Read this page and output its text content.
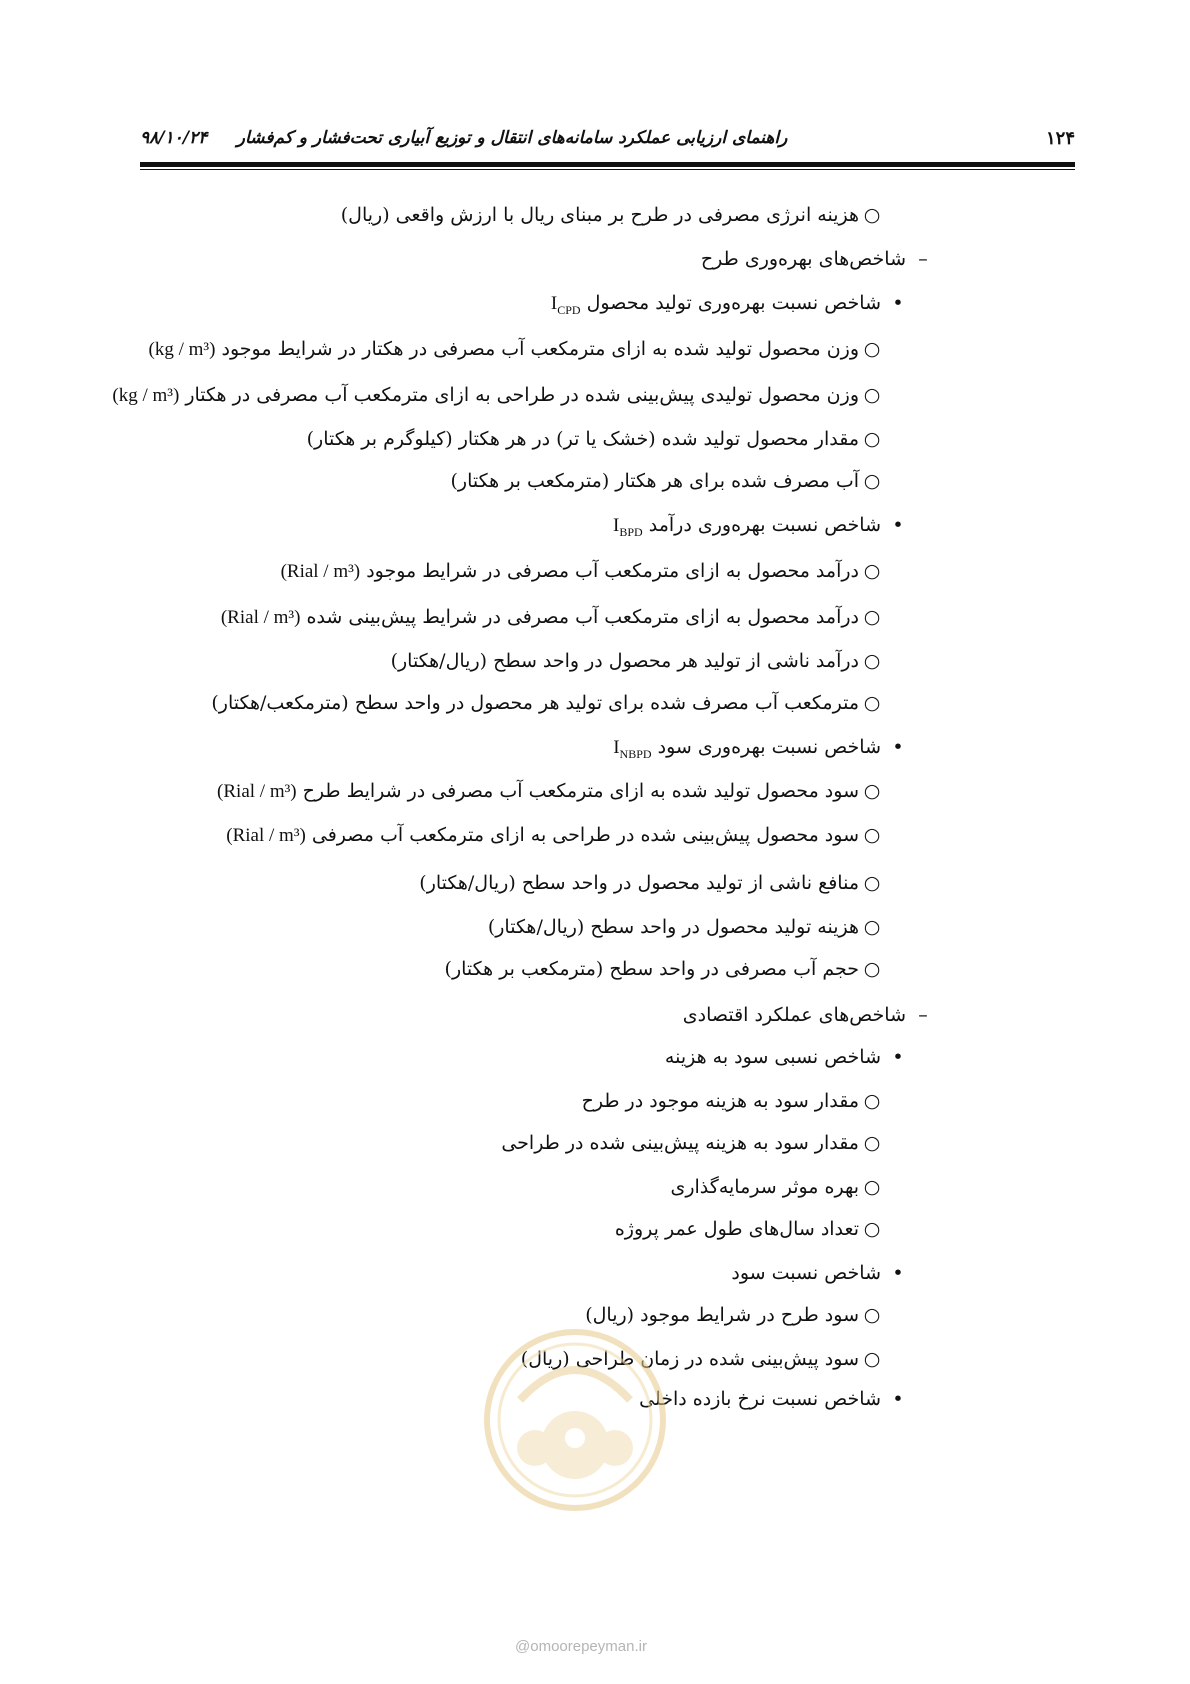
۱۲۴
راهنمای ارزیابی عملکرد سامانه‌های انتقال و توزیع آبیاری تحت‌فشار و کم‌فشار     ۹۸/۱۰/۲۴
○هزینه انرژی مصرفی در طرح بر مبنای ریال با ارزش واقعی (ریال)
–شاخص‌های بهره‌وری طرح
•شاخص نسبت بهره‌وری تولید محصول $I_{CPD}$
○وزن محصول تولید شده به ازای مترمکعب آب مصرفی در هکتار در شرایط موجود (kg / m³)
○وزن محصول تولیدی پیش‌بینی شده در طراحی به ازای مترمکعب آب مصرفی در هکتار (kg / m³)
○مقدار محصول تولید شده (خشک یا تر) در هر هکتار (کیلوگرم بر هکتار)
○آب مصرف شده برای هر هکتار (مترمکعب بر هکتار)
•شاخص نسبت بهره‌وری درآمد $I_{BPD}$
○درآمد محصول به ازای مترمکعب آب مصرفی در شرایط موجود (Rial / m³)
○درآمد محصول به ازای مترمکعب آب مصرفی در شرایط پیش‌بینی شده (Rial / m³)
○درآمد ناشی از تولید هر محصول در واحد سطح (ریال/هکتار)
○مترمکعب آب مصرف شده برای تولید هر محصول در واحد سطح (مترمکعب/هکتار)
•شاخص نسبت بهره‌وری سود $I_{NBPD}$
○سود محصول تولید شده به ازای مترمکعب آب مصرفی در شرایط طرح (Rial / m³)
○سود محصول پیش‌بینی شده در طراحی به ازای مترمکعب آب مصرفی (Rial / m³)
○منافع ناشی از تولید محصول در واحد سطح (ریال/هکتار)
○هزینه تولید محصول در واحد سطح (ریال/هکتار)
○حجم آب مصرفی در واحد سطح (مترمکعب بر هکتار)
–شاخص‌های عملکرد اقتصادی
•شاخص نسبی سود به هزینه
○مقدار سود به هزینه موجود در طرح
○مقدار سود به هزینه پیش‌بینی شده در طراحی
○بهره موثر سرمایه‌گذاری
○تعداد سال‌های طول عمر پروژه
•شاخص نسبت سود
○سود طرح در شرایط موجود (ریال)
○سود پیش‌بینی شده در زمان طراحی (ریال)
•شاخص نسبت نرخ بازده داخلی
@omoorepeyman.ir
